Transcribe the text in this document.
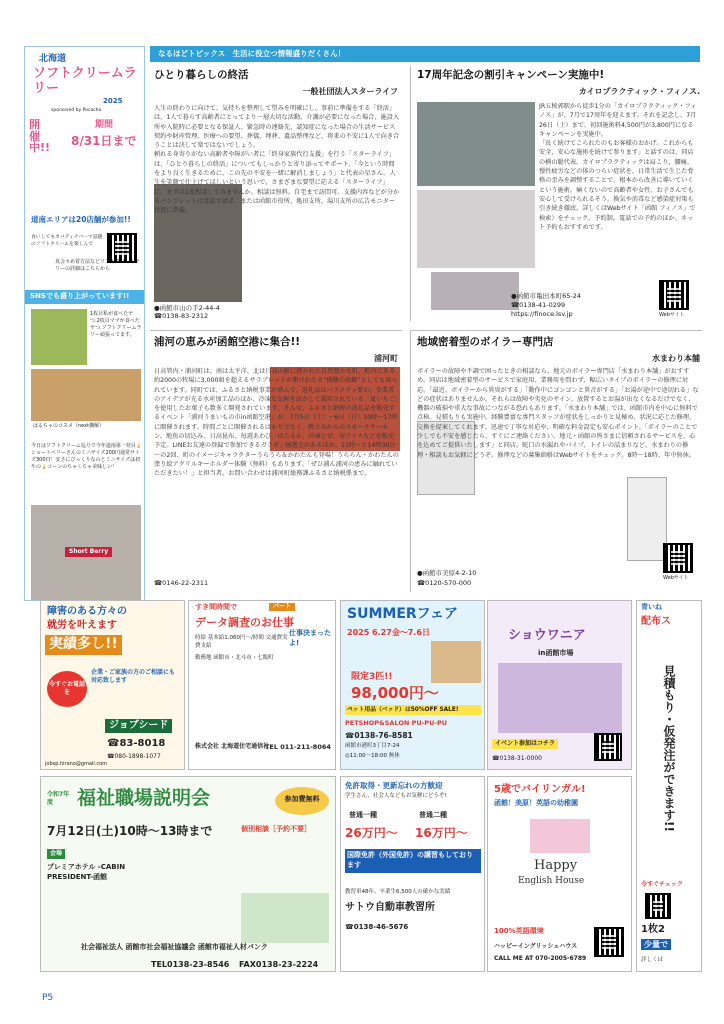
北海道
ソフトクリームラリー
2025
sponsored by Pocacha
開催中!!
期間
8/31日まで
道南エリアは20店舗が参加!!
食いしてもカバディナバーマ話題のソフトクリームを楽しんで
真会々め着方法などソフトクリームラリーの詳細はこちらから
SNSでも盛り上がっています!!
1枚目私が食べたヤつ.2枚目ママが食べたヤつ.ソフトクリームラリー頑張ってます。
はるちゃのコスメ（next棚解）
今日はソフトクリーム巡りで今年道南第一発目🍦ショートベリーさんのミニサイズ200円通常サイズ300円！安さにびっくりなのとミニサイズは初やの🍦コーンのちゃくちゃ美味しい！
Short Berry
なるほどトピックス　生活に役立つ情報盛りだくさん！
ひとり暮らしの終活
一般社団法人スターライフ
人生の終わりに向けて、気持ちを整理して望みを明確にし、事前に準備をする「終活」は、1人で暮らす高齢者にとってより一層大切な活動。介護が必要になった場合、施設入所や入院時に必要となる保証人、緊急時の連絡先、認知症になった場合の生活サービス契約や財産管理、医療への要望、葬儀、埋葬、遺品整理など、将来の不安に1人で向き合うことは決して楽ではないでしょう。
頼れる身寄りがない高齢者や障がい者に「終身家族代行支援」を行う「スターライフ」は、「ひとり暮らしの終活」についてもしっかりと寄り添ってサポート。「今という時間をより良く生きるために、この先の不安を一緒に解消しましょう」と代表の星さん。人生を笑顔で仕上げてほしいという思いで、さまざまな要望に応える「スターライフ」に、まずは1度相談してみませんか。相談は無料。自宅まで訪問可。支援内容などが分かるパンフレットは電話で請求、または函館市役所、亀田支所、湯川支所の広告モニター付近に常備。
●函館市山の手2-44-4
☎0138-83-2312
17周年記念の割引キャンペーン実施中!
カイロプラクティック・フィノス.
JR五稜郭駅から徒歩1分の「カイロプラクティック・フィノス」が、7月で17周年を迎えます。それを記念し、7月26日（土）まで、初回施術料4,500円が3,800円になるキャンペーンを実施中。
「長く続けてこられたのもお客様のおかげ。これからも安全、安心な施術を続けて参ります」と話すのは、同店の横山聡代表。カイロプラクティックは肩こり、腰痛、慢性疲労などの体のつらい症状を、日常生活で生じた骨格の歪みを調整することで、根本から改善に導いていくという施術。痛くないので高齢者や女性、お子さんでも安心して受けられるそう。換気や消毒など感染症対策も引き続き徹底。詳しくはWebサイト「函館 フィノス」で検索）をチェック。予約制。電話での予約のほか、ネット予約もおすすめです。
●函館市亀田本町65-24
☎0138-41-0299
https://finoce.lsv.jp	Webサイト
浦河の恵みが函館空港に集合!!
浦河町
日高管内・浦河町は、南は太平洋、北は日高山脈に抱かれた自然豊かな町。町内にある約2000の牧場に3,000頭を超えるサラブレッドが駆けわたる“優駿の故郷”としても知られています。同町では、ふるさと納税事業が盛んで、返礼品はバラエティ豊か。事業者のアイデアが光る水産加工品のほか、冷凍な気候を活かして栽培されている「夏いちご」を使用したお菓子も数多く開発されています。そんな、ふるさと納税の返礼品を販売するイベント「浦河うまいもの市in函館空港」が、7月5日（土）～6日（日）10時～17時に開催されます。時間ごとに開催されるばかりでなく、帆立みからのスモークサーモン、地魚の切込み、日高昆布、毎週あわび、ほたるか、冷凍どぜ、春アイスなどを販売予定。LINEお友達の登録で参加できるガラポン抽選会があるほか、11時～と14時30分～の2回、町のイメージキャラクターうらうら＆かわたんも登場！うららん・かわたんの塗り絵アクリルキーホルダー体験（無料）もあります。「ぜひ浦ん浦河の恵みに触れていただきたい！」と担当者。お問い合わせは浦河町総務課ふるさと納税係まで。
☎0146-22-2311
地域密着型のボイラー専門店
水まわり本舗
ボイラーの故障や不調で困ったときの相談なら、地元のボイラー専門店「水まわり本舗」がおすすめ。同店は地域密着型のサービスで家庭用、業務用を問わず、幅広いタイプのボイラーの修理に対応。「最近、ボイラーから異臭がする」「動作中にゴンゴンと異音がする」「お湯が途中で途切れる」などの症状はありませんか。それらは故障や劣化のサイン。放置するとお湯が出なくなるだけでなく、機器の破損や重大な事故につながる恐れもあります。「水まわり本舗」では、函館市内を中心に無料で点検。見積もりも実施中。経験豊富な専門スタッフが症状をしっかりと見極め、状況に応じた修理、交換を提案してくれます。迅速で丁寧な対応や、明確な料金設定も安心ポイント。「ボイラーのことで少しでも不安を感じたら、すぐにご連絡ください。地元・函館の皆さまに信頼されるサービスを、心を込めてご提供いたします」と同店。蛇口の水漏れやパイプ、トイレの詰まりなど、水まわりの修理・相談もお気軽にどうぞ。修理などの募集価格はWebサイトをチェック。8時～18時、年中無休。
●函館市美原4-2-10
☎0120-570-000
Webサイト
障害のある方々の
就労を叶えます
実績多し!!
今すぐお電話を
企業・ご家族の方のご相談にも対応致します
ジョブシード
☎83-8018
☎080-1898-1077
jobsp.hirano@gmail.com
すき間時間で	パート
データ調査のお仕事
仕事決まったよ!
時給 基本給1,060円〜/時間 交通費実費支給
勤務地 函館市・北斗市・七飯町
株式会社 北海道住宅通信社
TEL 011-211-8064
SUMMERフェア
2025 6.27金〜7.6日
限定3匹!!
98,000円〜
ペット用品（ベッド）は50%OFF SALE!
PETSHOP&SALON PU-PU-PU
☎0138-76-8581
函館市港町3丁目7-24
◎11:00〜18:00 無休
ショウワニア
in函館市場
イベント参加はコチラ
☎0138-31-0000
青いね
配布ス
見積もり・仮発注ができます!!
今すぐチェック
1枚2
少量で
詳しくは
令和7年度	福祉職場説明会	参加費無料
7月12日(土)10時〜13時まで	個別相談［予約不要］
会場
プレミアホテル -CABIN PRESIDENT-函館
社会福祉法人 函館市社会福祉協議会 函館市福祉人材バンク
TEL0138-23-8546 FAX0138-23-2224
免許取得・更新忘れの方歓迎
学生さん、社会人などもお気軽にどうぞ!
普通一種
26万円〜
普通二種
16万円〜
国際免許（外国免許）の講習もしております
教習車48年、卒業生6,500人の確かな実績
サトウ自動車教習所
☎0138-46-5676
5歳でバイリンガル!
函館！美原！英語の幼稚園
Happy
English House
100%英語環境
ハッピーイングリッシュハウス
CALL ME AT 070-2005-6789
P5
